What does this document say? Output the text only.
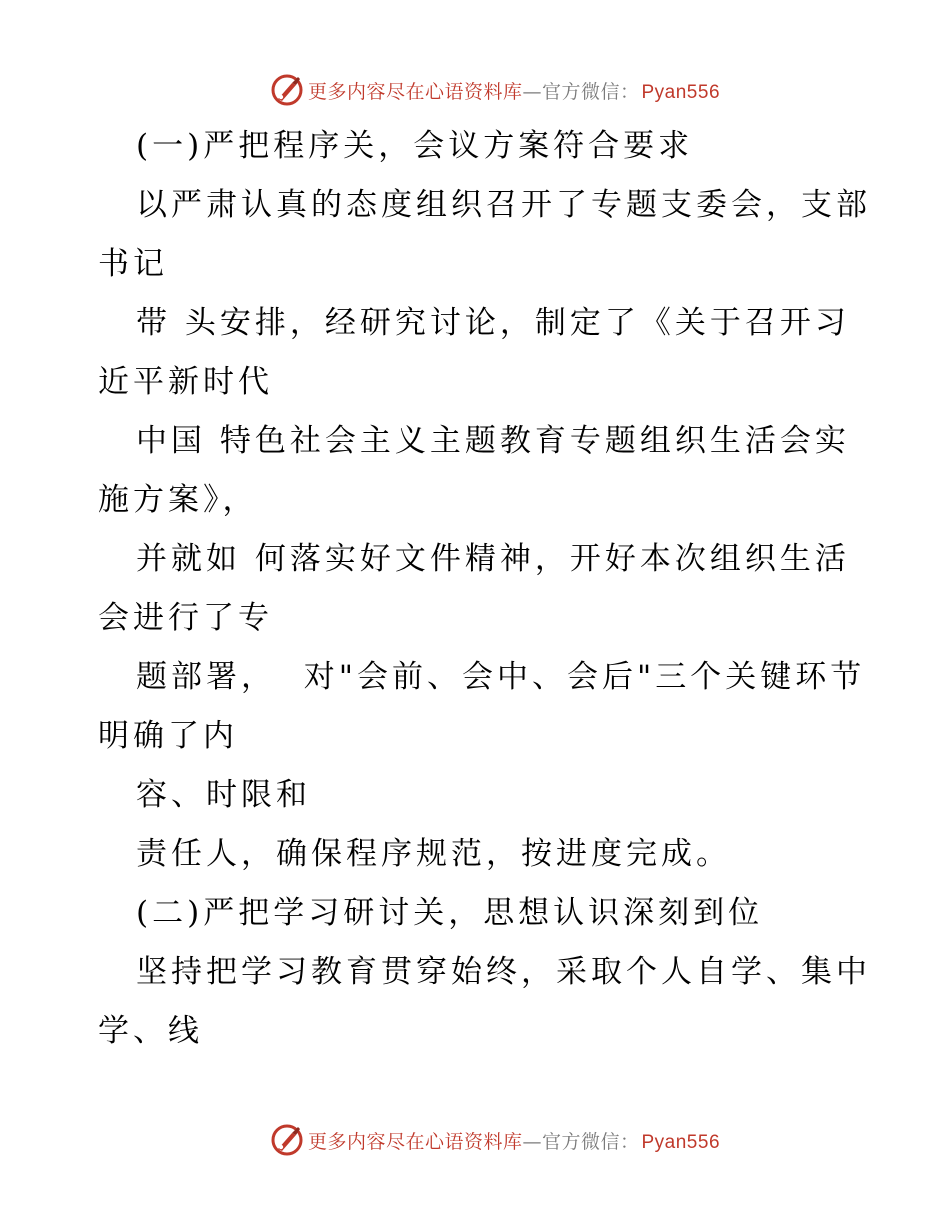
更多内容尽在心语资料库—官方微信： Pyan556
(一)严把程序关，会议方案符合要求
以严肃认真的态度组织召开了专题支委会，支部
书记
带 头安排，经研究讨论，制定了《关于召开习
近平新时代
中国 特色社会主义主题教育专题组织生活会实
施方案》，
并就如 何落实好文件精神，开好本次组织生活
会进行了专
题部署，  对"会前、会中、会后"三个关键环节
明确了内
容、时限和
责任人，确保程序规范，按进度完成。
(二)严把学习研讨关，思想认识深刻到位
坚持把学习教育贯穿始终，采取个人自学、集中
学、线
更多内容尽在心语资料库—官方微信： Pyan556
